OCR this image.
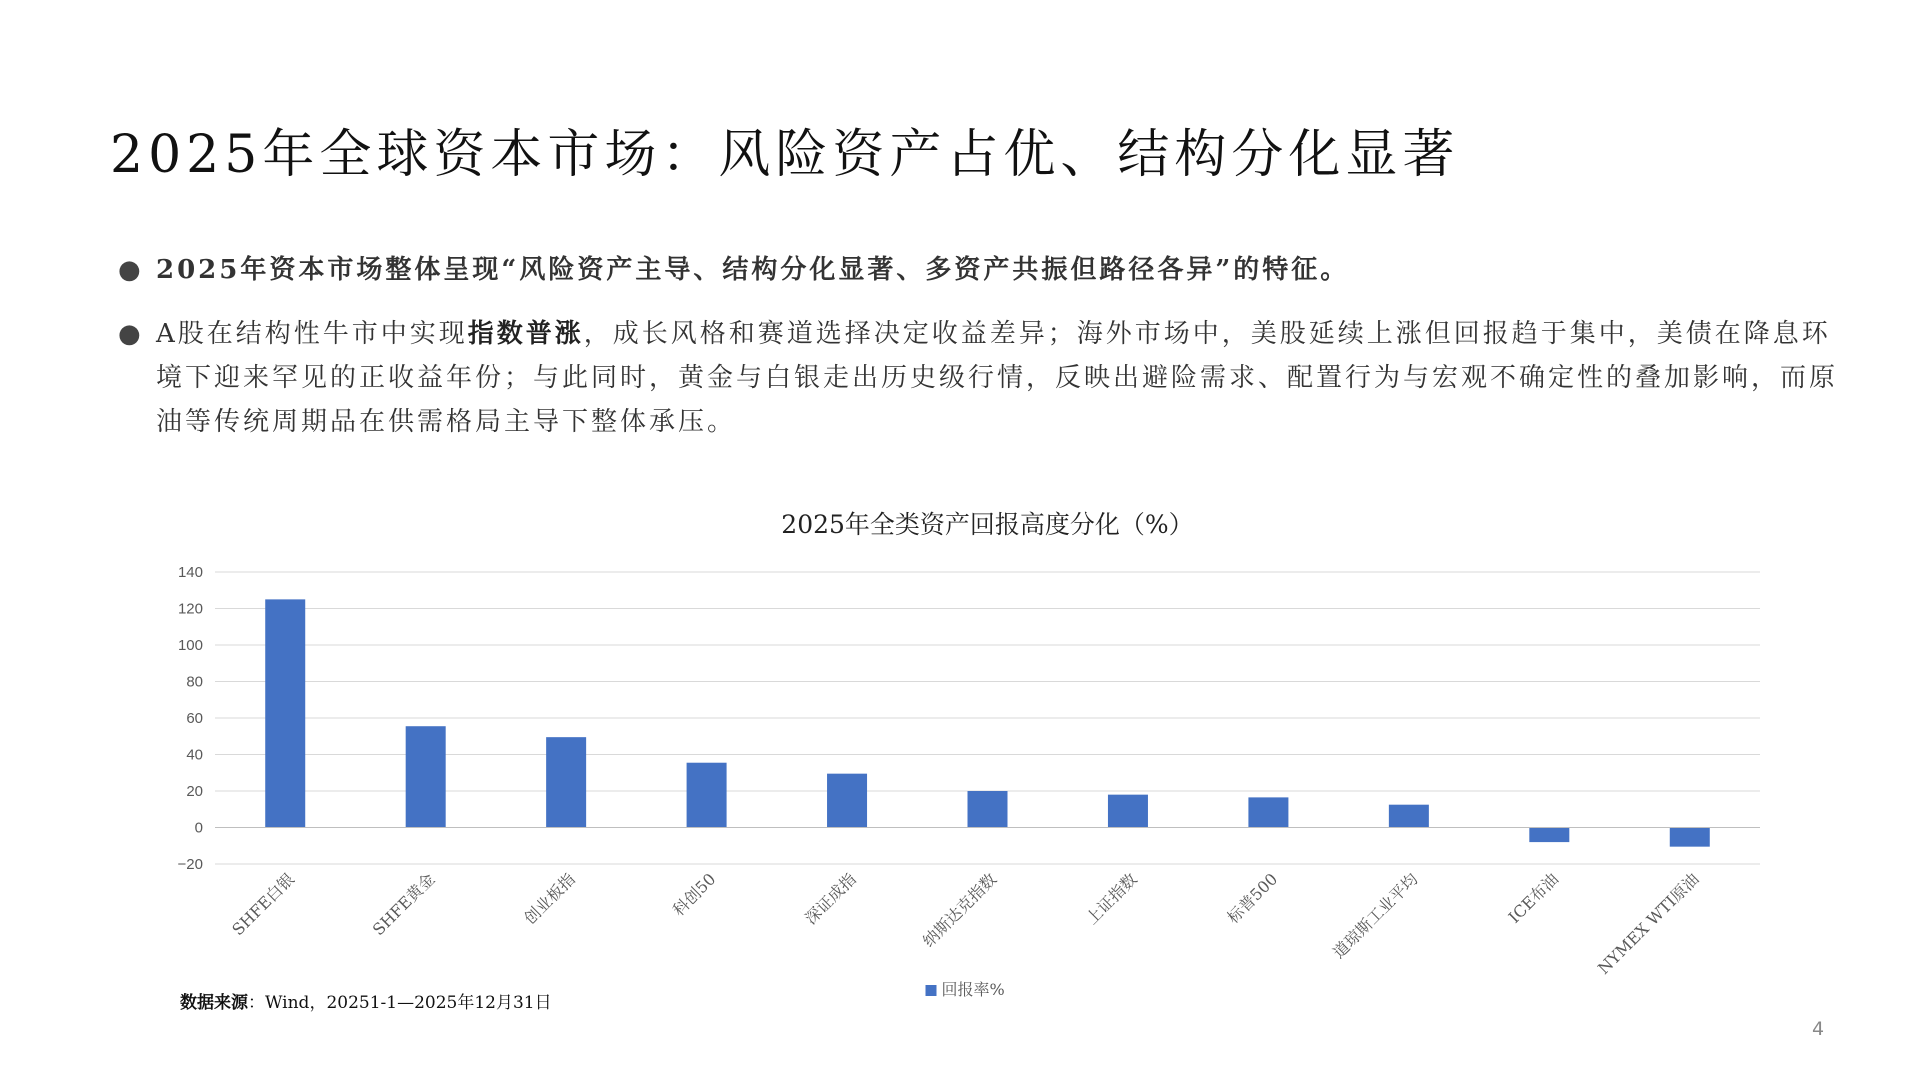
2025年全球资本市场：风险资产占优、结构分化显著
● 2025年资本市场整体呈现“风险资产主导、结构分化显著、多资产共振但路径各异”的特征。
● A股在结构性牛市中实现指数普涨，成长风格和赛道选择决定收益差异；海外市场中，美股延续上涨但回报趋于集中，美债在降息环境下迎来罕见的正收益年份；与此同时，黄金与白银走出历史级行情，反映出避险需求、配置行为与宏观不确定性的叠加影响，而原油等传统周期品在供需格局主导下整体承压。
2025年全类资产回报高度分化（%）
140
120
100
80
60
40
20
0
−20
SHFE白银	SHFE黄金	创业板指	科创50	深证成指	纳斯达克指数	上证指数	标普500	道琼斯工业平均	ICE布油 NYMEX WTI原油
回报率%
数据来源：Wind，20251-1—2025年12月31日
4
